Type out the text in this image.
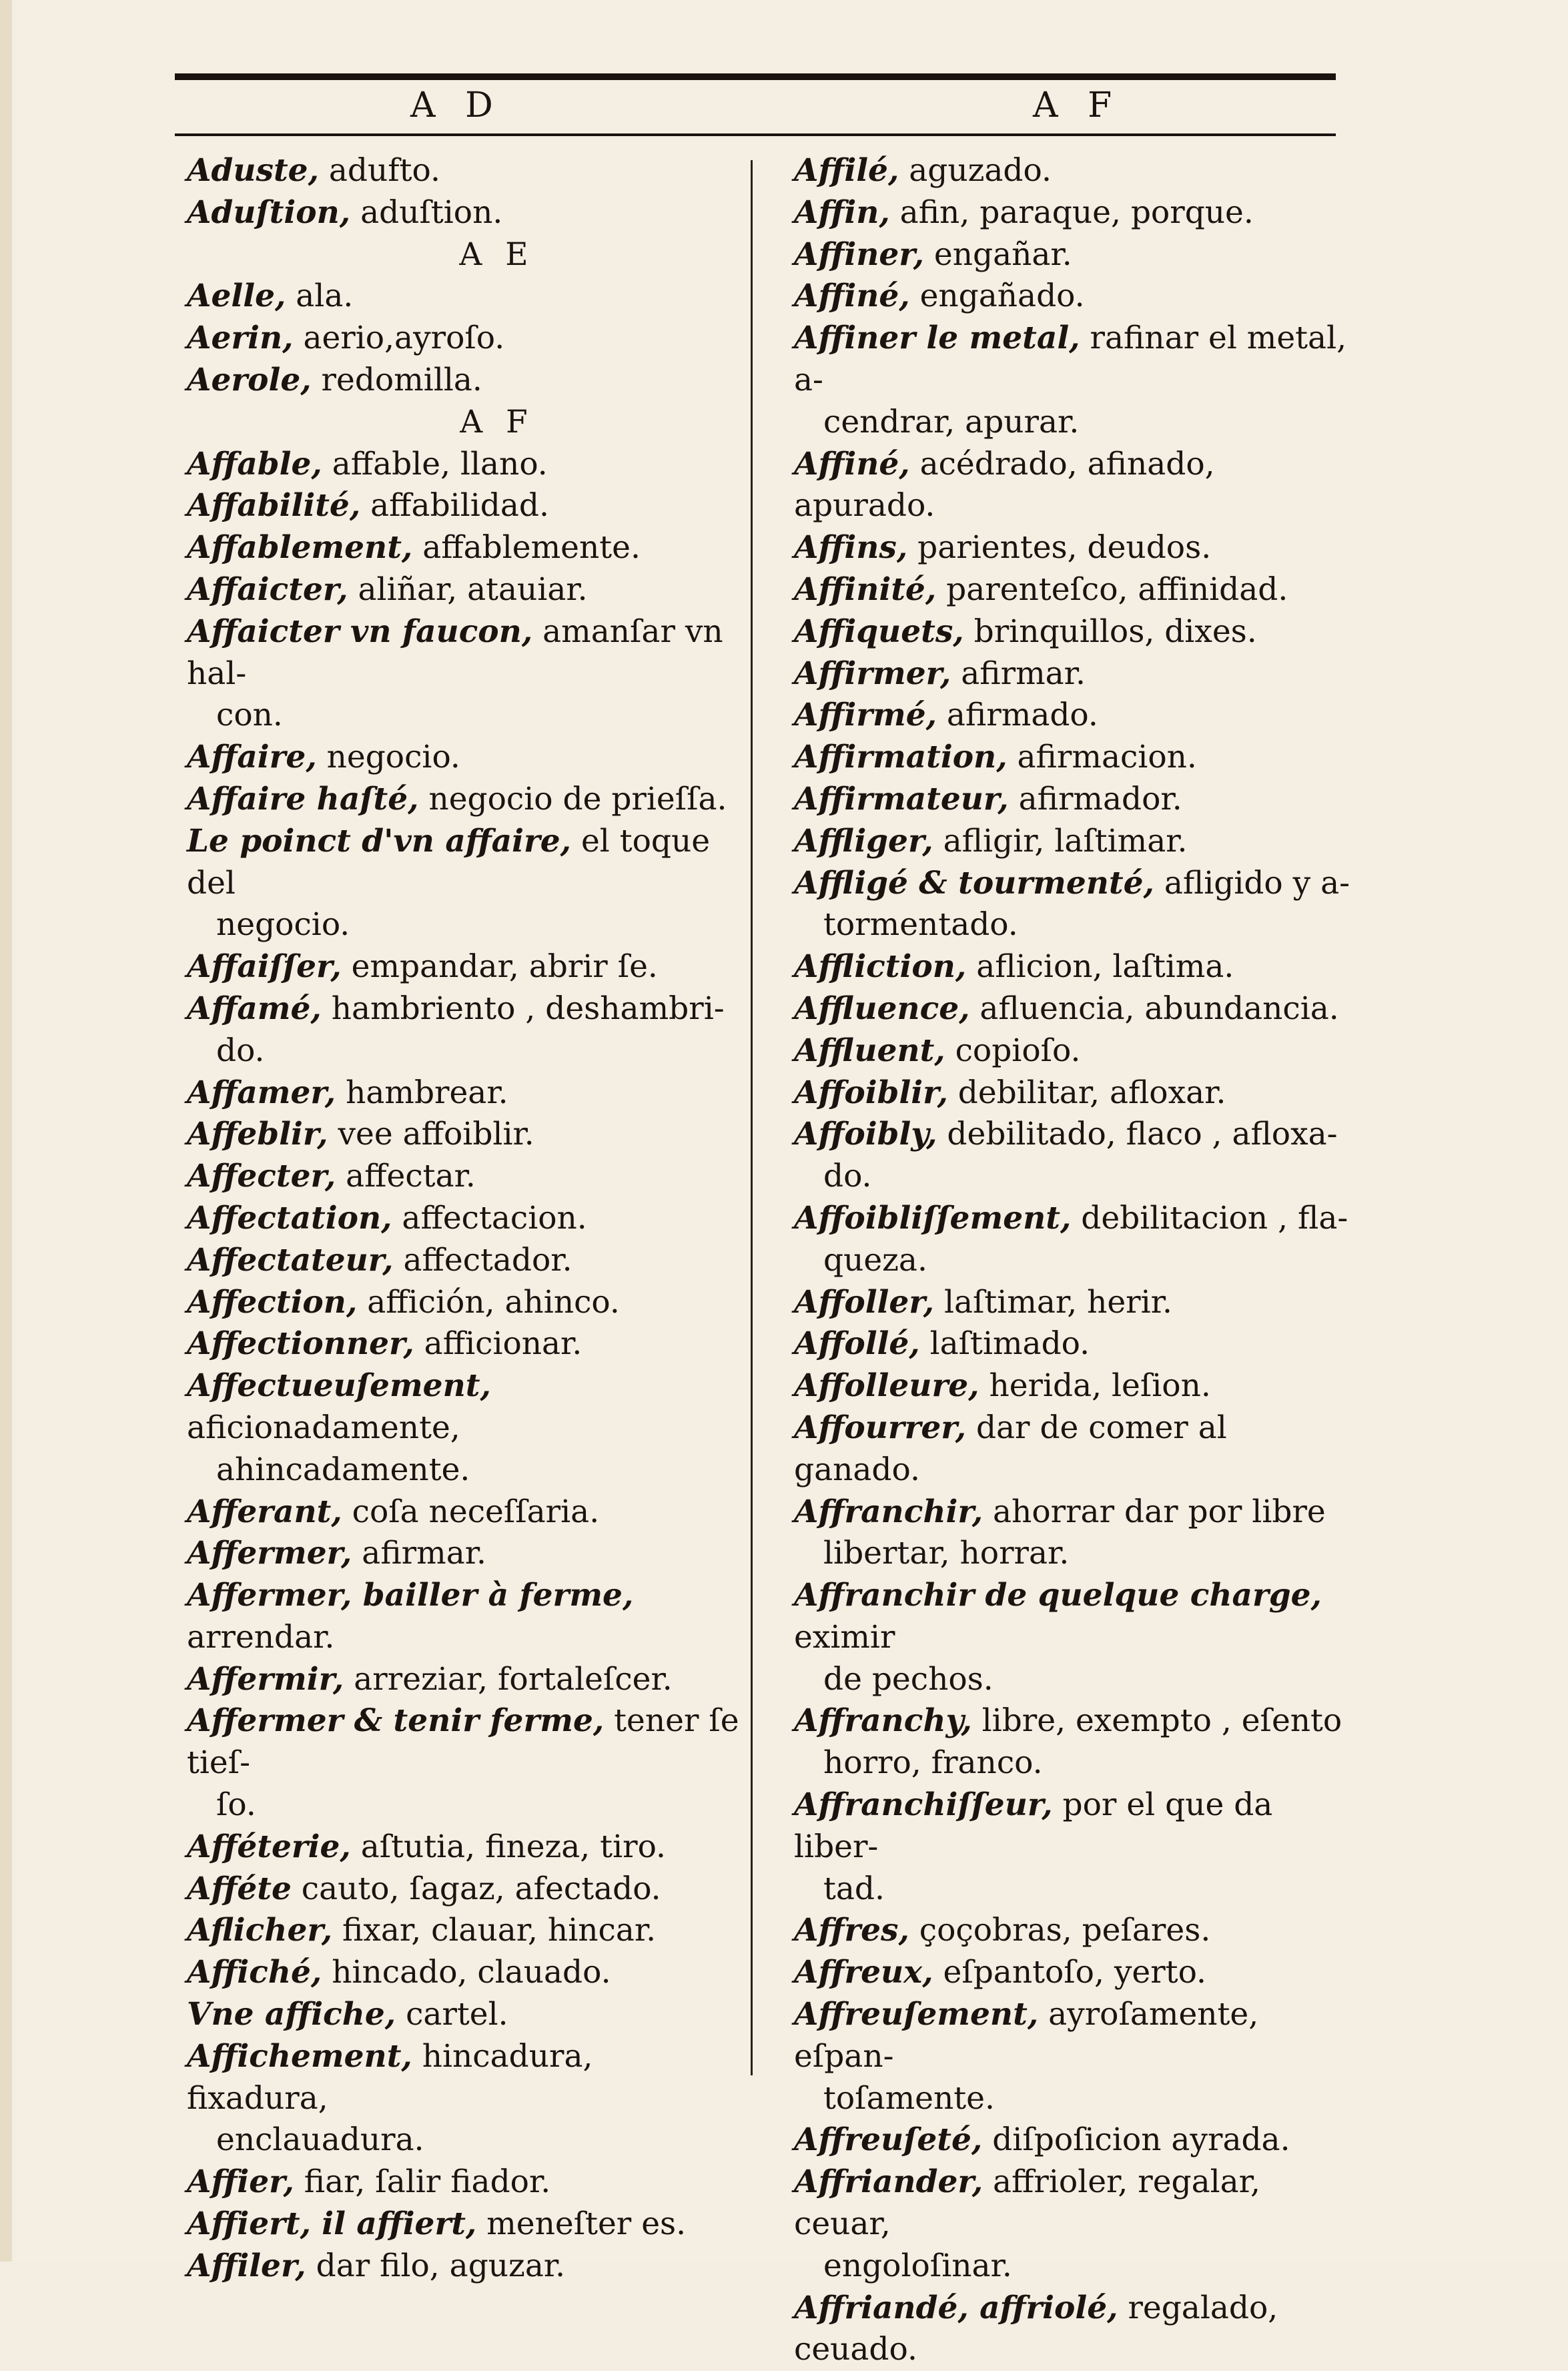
A D	A F
Aduste, adufto.
Aduſtion, aduſtion.
A E
Aelle, ala.
Aerin, aerio,ayroſo.
Aerole, redomilla.
A F
Affable, affable, llano.
Affabilité, affabilidad.
Affablement, affablemente.
Affaicter, aliñar, atauiar.
Affaicter vn faucon, amanſar vn hal-
con.
Affaire, negocio.
Affaire haſté, negocio de prieſſa.
Le poinct d'vn affaire, el toque del
negocio.
Affaiſſer, empandar, abrir ſe.
Affamé, hambriento , deshambri-
do.
Affamer, hambrear.
Affeblir, vee affoiblir.
Affecter, affectar.
Affectation, affectacion.
Affectateur, affectador.
Affection, affición, ahinco.
Affectionner, afficionar.
Affectueuſement, aficionadamente,
ahincadamente.
Afferant, coſa neceſſaria.
Affermer, afirmar.
Affermer, bailler à ferme, arrendar.
Affermir, arreziar, fortaleſcer.
Affermer & tenir ferme, tener ſe tieſ-
ſo.
Afféterie, aſtutia, fineza, tiro.
Afféte cauto, ſagaz, afectado.
Aflicher, fixar, clauar, hincar.
Affiché, hincado, clauado.
Vne affiche, cartel.
Affichement, hincadura, fixadura,
enclauadura.
Affier, fiar, ſalir fiador.
Affiert, il affiert, meneſter es.
Affiler, dar filo, aguzar.
Affilé, aguzado.
Affin, afin, paraque, porque.
Affiner, engañar.
Affiné, engañado.
Affiner le metal, rafinar el metal, a-
cendrar, apurar.
Affiné, acédrado, afinado, apurado.
Affins, parientes, deudos.
Affinité, parenteſco, affinidad.
Affiquets, brinquillos, dixes.
Affirmer, afirmar.
Affirmé, afirmado.
Affirmation, afirmacion.
Affirmateur, afirmador.
Affliger, afligir, laſtimar.
Affligé & tourmenté, afligido y a-
tormentado.
Affliction, aflicion, laſtima.
Affluence, afluencia, abundancia.
Affluent, copioſo.
Affoiblir, debilitar, afloxar.
Affoibly, debilitado, flaco , afloxa-
do.
Affoibliſſement, debilitacion , fla-
queza.
Affoller, laſtimar, herir.
Affollé, laſtimado.
Affolleure, herida, leſion.
Affourrer, dar de comer al ganado.
Affranchir, ahorrar dar por libre
libertar, horrar.
Affranchir de quelque charge, eximir
de pechos.
Affranchy, libre, exempto , eſento
horro, franco.
Affranchiſſeur, por el que da liber-
tad.
Affres, çoçobras, peſares.
Affreux, eſpantoſo, yerto.
Affreuſement, ayroſamente, eſpan-
toſamente.
Affreuſeté, diſpoſicion ayrada.
Affriander, affrioler, regalar, ceuar,
engoloſinar.
Affriandé, affriolé, regalado, ceuado.
